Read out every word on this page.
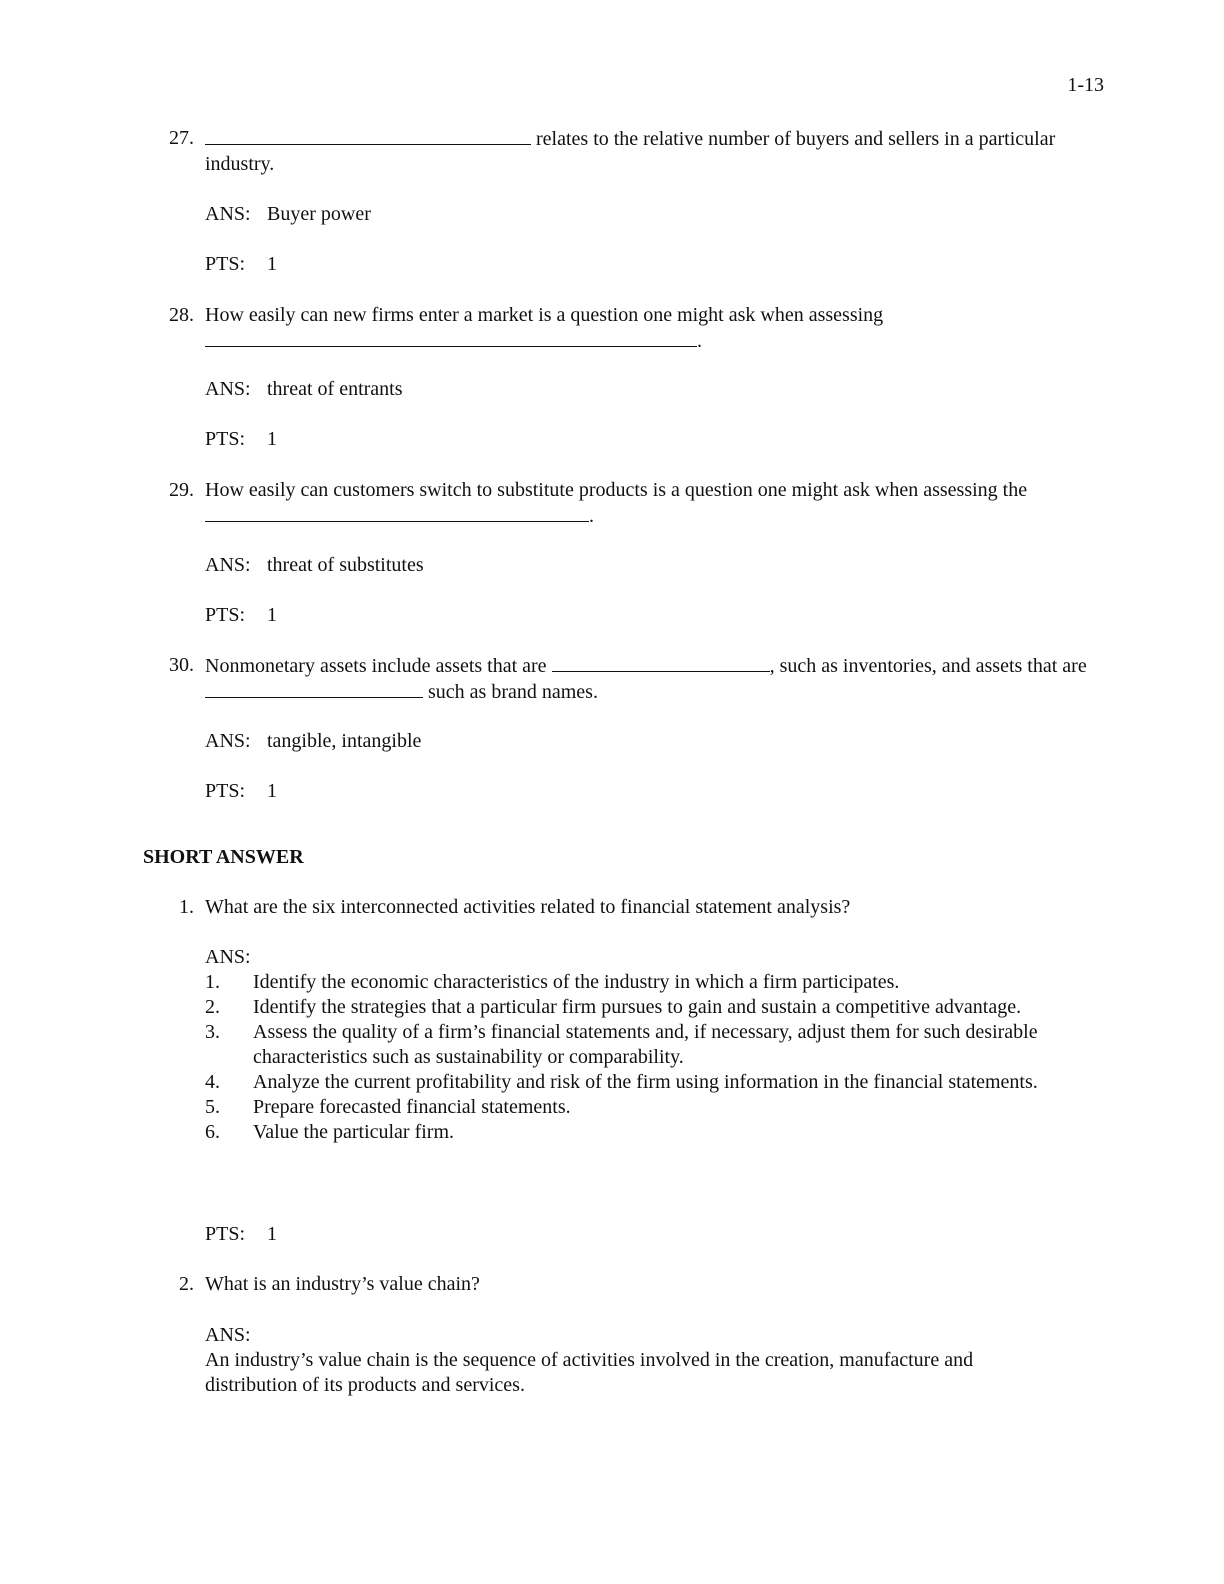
1-13
27.	relates to the relative number of buyers and sellers in a particular industry.
ANS: Buyer power
PTS: 1
28. How easily can new firms enter a market is a question one might ask when assessing
.
ANS: threat of entrants
PTS: 1
29. How easily can customers switch to substitute products is a question one might ask when assessing the
.
ANS: threat of substitutes
PTS: 1
30. Nonmonetary assets include assets that are	, such as inventories, and assets that are  such as brand names.
ANS: tangible, intangible
PTS: 1
SHORT ANSWER
1. What are the six interconnected activities related to financial statement analysis?
ANS:
1. Identify the economic characteristics of the industry in which a firm participates.
2. Identify the strategies that a particular firm pursues to gain and sustain a competitive advantage.
3. Assess the quality of a firm’s financial statements and, if necessary, adjust them for such desirable characteristics such as sustainability or comparability.
4. Analyze the current profitability and risk of the firm using information in the financial statements.
5. Prepare forecasted financial statements.
6. Value the particular firm.
PTS: 1
2. What is an industry’s value chain?
ANS:
An industry’s value chain is the sequence of activities involved in the creation, manufacture and distribution of its products and services.
